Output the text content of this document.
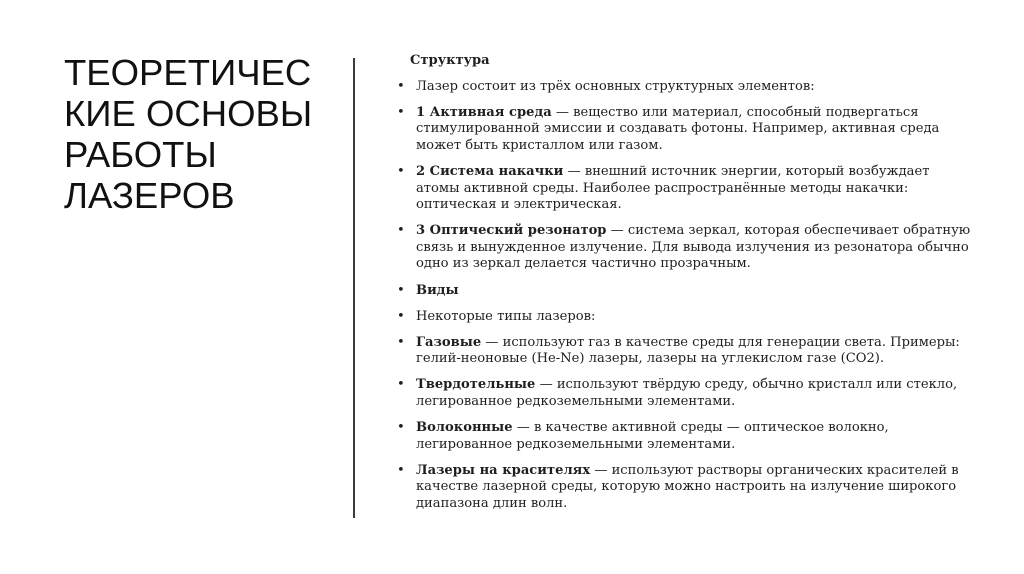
ТЕОРЕТИЧЕС
КИЕ ОСНОВЫ
РАБОТЫ
ЛАЗЕРОВ
Структура
• Лазер состоит из трёх основных структурных элементов:
• 1 Активная среда — вещество или материал, способный подвергаться стимулированной эмиссии и создавать фотоны. Например, активная среда может быть кристаллом или газом.
• 2 Система накачки — внешний источник энергии, который возбуждает атомы активной среды. Наиболее распространённые методы накачки: оптическая и электрическая.
• 3 Оптический резонатор — система зеркал, которая обеспечивает обратную связь и вынужденное излучение. Для вывода излучения из резонатора обычно одно из зеркал делается частично прозрачным.
• Виды
• Некоторые типы лазеров:
• Газовые — используют газ в качестве среды для генерации света. Примеры: гелий-неоновые (He-Ne) лазеры, лазеры на углекислом газе (CO2).
• Твердотельные — используют твёрдую среду, обычно кристалл или стекло, легированное редкоземельными элементами.
• Волоконные — в качестве активной среды — оптическое волокно, легированное редкоземельными элементами.
• Лазеры на красителях — используют растворы органических красителей в качестве лазерной среды, которую можно настроить на излучение широкого диапазона длин волн.
